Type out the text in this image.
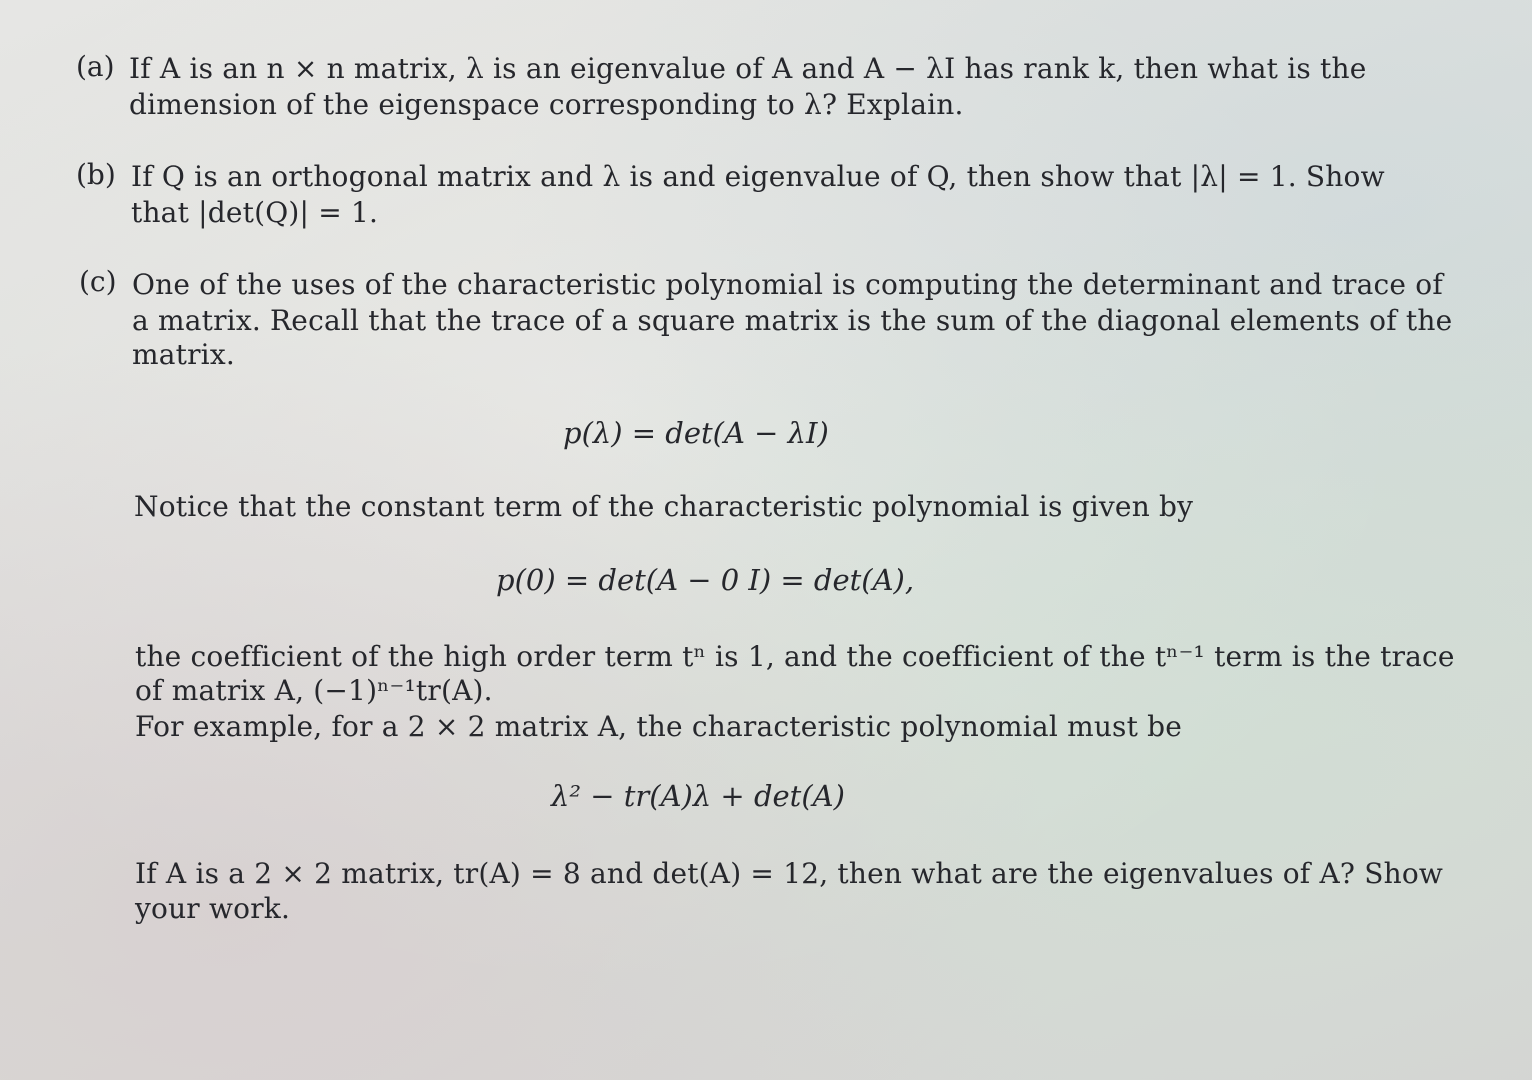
(a) If A is an n × n matrix, λ is an eigenvalue of A and A − λI has rank k, then what is the
dimension of the eigenspace corresponding to λ? Explain.
(b) If Q is an orthogonal matrix and λ is and eigenvalue of Q, then show that |λ| = 1. Show
that |det(Q)| = 1.
(c) One of the uses of the characteristic polynomial is computing the determinant and trace of
a matrix. Recall that the trace of a square matrix is the sum of the diagonal elements of the
matrix.
p(λ) = det(A − λI)
Notice that the constant term of the characteristic polynomial is given by
p(0) = det(A − 0 I) = det(A),
the coefficient of the high order term tⁿ is 1, and the coefficient of the tⁿ⁻¹ term is the trace
of matrix A, (−1)ⁿ⁻¹tr(A).
For example, for a 2 × 2 matrix A, the characteristic polynomial must be
λ² − tr(A)λ + det(A)
If A is a 2 × 2 matrix, tr(A) = 8 and det(A) = 12, then what are the eigenvalues of A? Show
your work.
